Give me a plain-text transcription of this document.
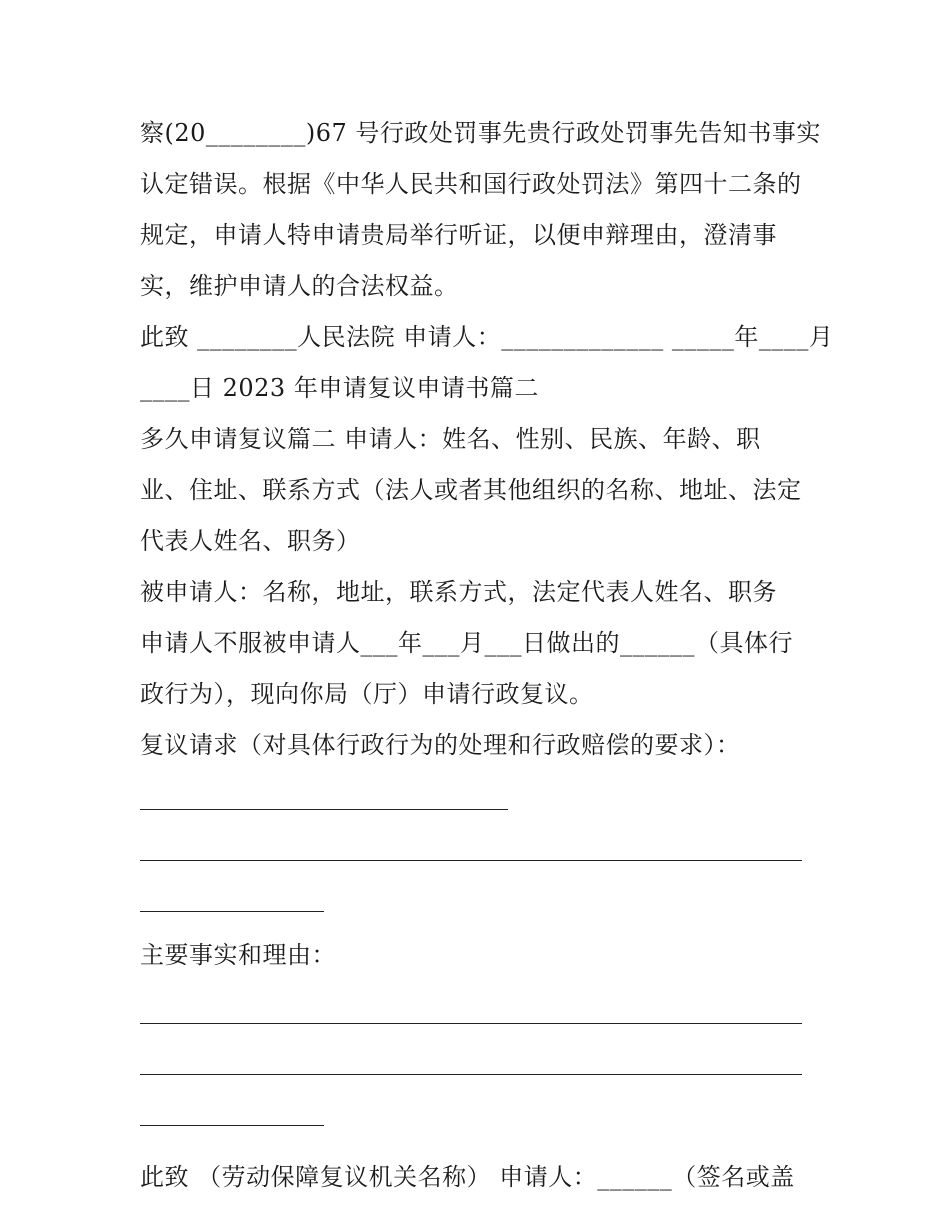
察(20________)67 号行政处罚事先贵行政处罚事先告知书事实
认定错误。根据《中华人民共和国行政处罚法》第四十二条的
规定，申请人特申请贵局举行听证，以便申辩理由，澄清事
实，维护申请人的合法权益。
此致 ________人民法院 申请人：_____________ _____年____月
____日 2023 年申请复议申请书篇二
多久申请复议篇二 申请人：姓名、性别、民族、年龄、职
业、住址、联系方式（法人或者其他组织的名称、地址、法定
代表人姓名、职务）
被申请人：名称，地址，联系方式，法定代表人姓名、职务
申请人不服被申请人___年___月___日做出的______（具体行
政行为），现向你局（厅）申请行政复议。
复议请求（对具体行政行为的处理和行政赔偿的要求）：
主要事实和理由：
此致 （劳动保障复议机关名称） 申请人：______（签名或盖
